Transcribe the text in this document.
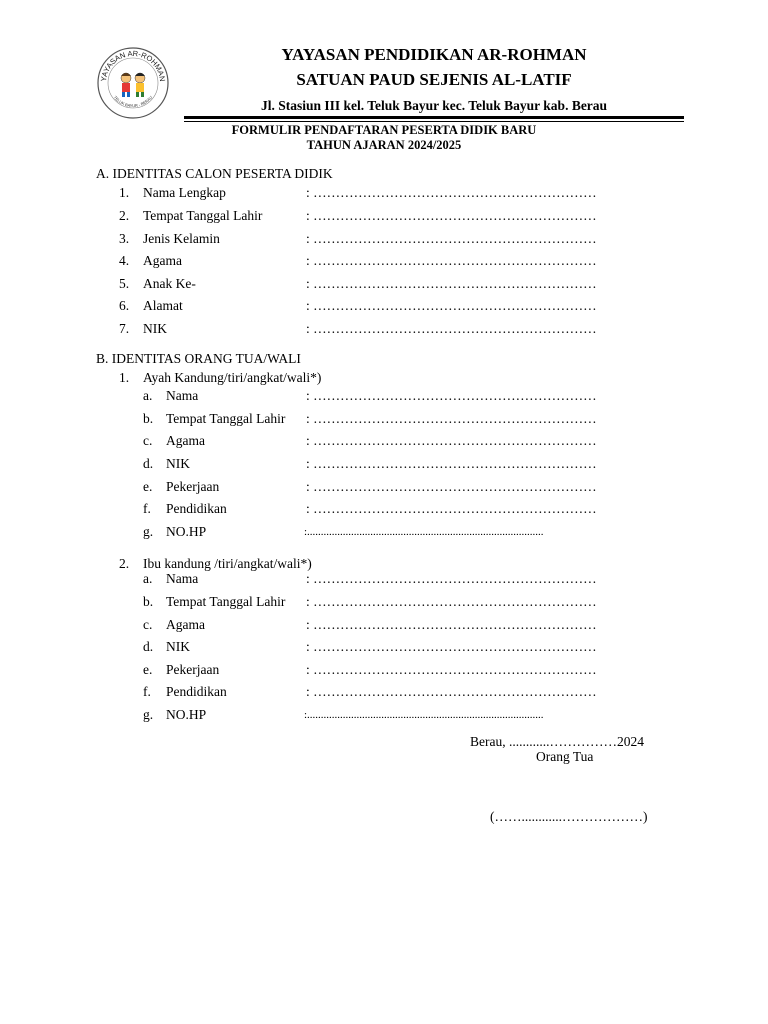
YAYASAN AR-ROHMAN
TELUK BAYUR - BERAU
YAYASAN PENDIDIKAN AR-ROHMAN
SATUAN PAUD SEJENIS AL-LATIF
Jl. Stasiun III kel. Teluk Bayur kec. Teluk Bayur kab. Berau
FORMULIR PENDAFTARAN PESERTA DIDIK BARU
TAHUN AJARAN 2024/2025
A. IDENTITAS CALON PESERTA DIDIK
1.	Nama Lengkap	: ………………………………………………………
2.	Tempat Tanggal Lahir	: ………………………………………………………
3.	Jenis Kelamin	: ………………………………………………………
4.	Agama	: ………………………………………………………
5.	Anak Ke-	: ………………………………………………………
6.	Alamat	: ………………………………………………………
7.	NIK	: ………………………………………………………
B. IDENTITAS ORANG TUA/WALI
1.	Ayah Kandung/tiri/angkat/wali*)
a.	Nama	: ………………………………………………………
b. Tempat Tanggal Lahir : ………………………………………………………
c.	Agama	: ………………………………………………………
d. NIK	: ………………………………………………………
e.	Pekerjaan	: ………………………………………………………
f.	Pendidikan	: ………………………………………………………
g. NO.HP	:......................................................................................
2.	Ibu kandung /tiri/angkat/wali*)
a.	Nama	: ………………………………………………………
b. Tempat Tanggal Lahir : ………………………………………………………
c.	Agama	: ………………………………………………………
d. NIK	: ………………………………………………………
e.	Pekerjaan	: ………………………………………………………
f.	Pendidikan	: ………………………………………………………
g. NO.HP	:......................................................................................
Berau, ............……………2024
Orang Tua
(……............………………)
